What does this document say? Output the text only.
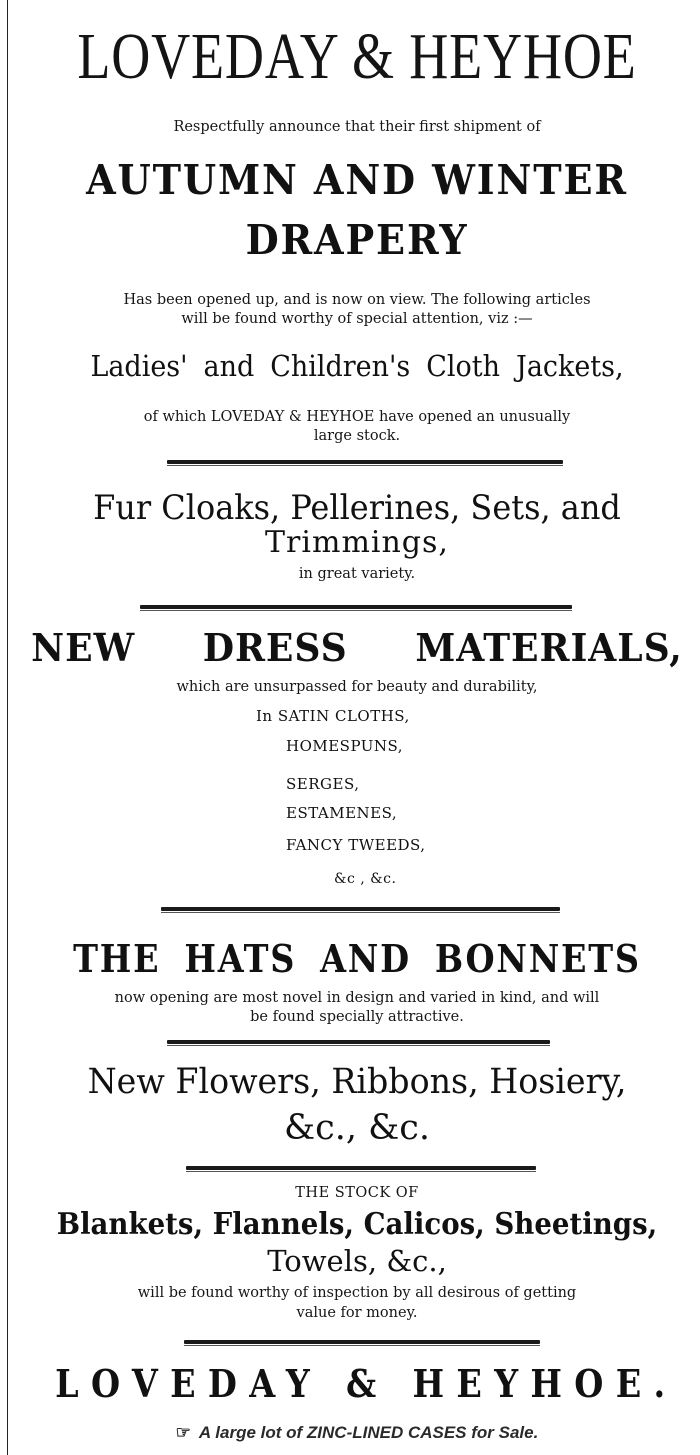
LOVEDAY & HEYHOE
Respectfully announce that their first shipment of
AUTUMN AND WINTER
DRAPERY
Has been opened up, and is now on view. The following articles
will be found worthy of special attention, viz :—
Ladies' and Children's Cloth Jackets,
of which LOVEDAY & HEYHOE have opened an unusually
large stock.
Fur Cloaks, Pellerines, Sets, and
Trimmings,
in great variety.
NEW DRESS MATERIALS,
which are unsurpassed for beauty and durability,
In SATIN CLOTHS,
HOMESPUNS,
SERGES,
ESTAMENES,
FANCY TWEEDS,
&c , &c.
THE HATS AND BONNETS
now opening are most novel in design and varied in kind, and will
be found specially attractive.
New Flowers, Ribbons, Hosiery,
&c., &c.
THE STOCK OF
Blankets, Flannels, Calicos, Sheetings,
Towels, &c.,
will be found worthy of inspection by all desirous of getting
value for money.
LOVEDAY & HEYHOE.
☞ A large lot of ZINC-LINED CASES for Sale.
